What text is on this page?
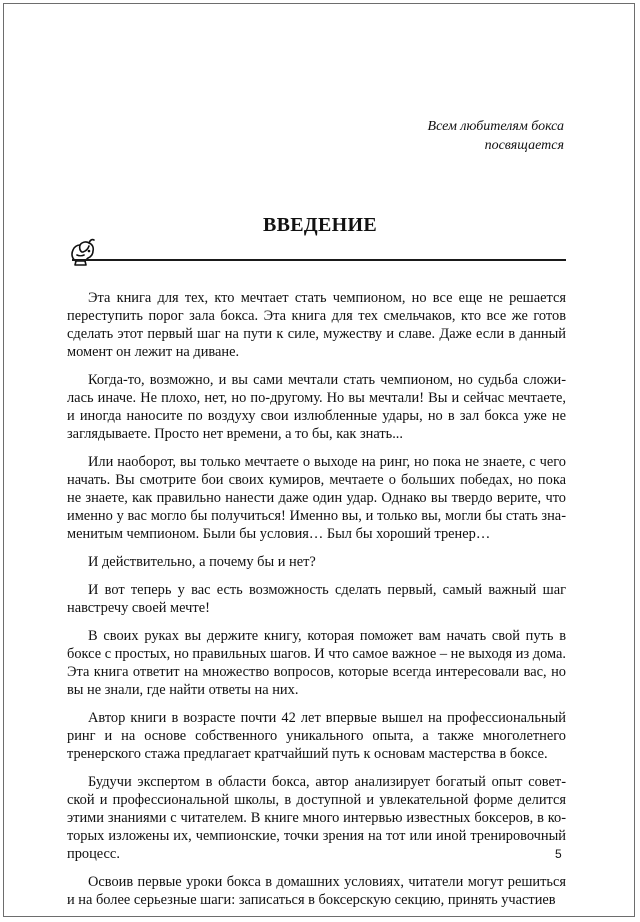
Всем любителям бокса
посвящается
ВВЕДЕНИЕ

Эта книга для тех, кто мечтает стать чемпионом, но все еще не решается переступить порог зала бокса. Эта книга для тех смельчаков, кто все же готов сделать этот первый шаг на пути к силе, мужеству и славе. Даже если в данный момент он лежит на диване.

Когда-то, возможно, и вы сами мечтали стать чемпионом, но судьба сложилась иначе. Не плохо, нет, но по-другому. Но вы мечтали! Вы и сейчас мечтаете, и иногда наносите по воздуху свои излюбленные удары, но в зал бокса уже не заглядываете. Просто нет времени, а то бы, как знать...

Или наоборот, вы только мечтаете о выходе на ринг, но пока не знаете, с чего начать. Вы смотрите бои своих кумиров, мечтаете о больших победах, но пока не знаете, как правильно нанести даже один удар. Однако вы твердо верите, что именно у вас могло бы получиться! Именно вы, и только вы, могли бы стать знаменитым чемпионом. Были бы условия… Был бы хороший тренер…

И действительно, а почему бы и нет?

И вот теперь у вас есть возможность сделать первый, самый важный шаг навстречу своей мечте!

В своих руках вы держите книгу, которая поможет вам начать свой путь в боксе с простых, но правильных шагов. И что самое важное – не выходя из дома. Эта книга ответит на множество вопросов, которые всегда интересовали вас, но вы не знали, где найти ответы на них.

Автор книги в возрасте почти 42 лет впервые вышел на профессиональный ринг и на основе собственного уникального опыта, а также многолетнего тренерского стажа предлагает кратчайший путь к основам мастерства в боксе.

Будучи экспертом в области бокса, автор анализирует богатый опыт советской и профессиональной школы, в доступной и увлекательной форме делится этими знаниями с читателем. В книге много интервью известных боксеров, в которых изложены их, чемпионские, точки зрения на тот или иной тренировочный процесс.

Освоив первые уроки бокса в домашних условиях, читатели могут решиться и на более серьезные шаги: записаться в боксерскую секцию, принять участиев

5
